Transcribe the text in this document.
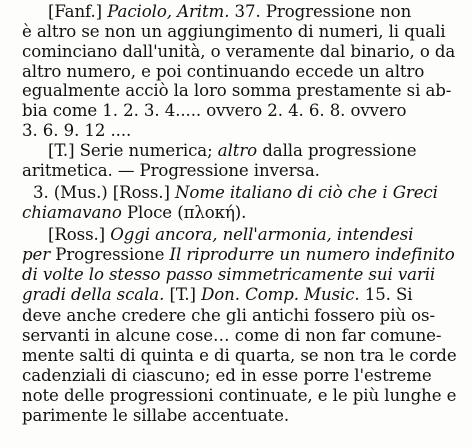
[Fanf.] Paciolo, Aritm. 37. Progressione non
è altro se non un aggiungimento di numeri, li quali
cominciano dall'unità, o veramente dal binario, o da
altro numero, e poi continuando eccede un altro
egualmente acciò la loro somma prestamente si ab-
bia come 1. 2. 3. 4..... ovvero 2. 4. 6. 8. ovvero
3. 6. 9. 12 ....
[T.] Serie numerica; altro dalla progressione
aritmetica. — Progressione inversa.
3. (Mus.) [Ross.] Nome italiano di ciò che i Greci
chiamavano Ploce (πλοκή).
[Ross.] Oggi ancora, nell'armonia, intendesi
per Progressione Il riprodurre un numero indefinito
di volte lo stesso passo simmetricamente sui varii
gradi della scala. [T.] Don. Comp. Music. 15. Si
deve anche credere che gli antichi fossero più os-
servanti in alcune cose… come di non far comune-
mente salti di quinta e di quarta, se non tra le corde
cadenziali di ciascuno; ed in esse porre l'estreme
note delle progressioni continuate, e le più lunghe e
parimente le sillabe accentuate.
